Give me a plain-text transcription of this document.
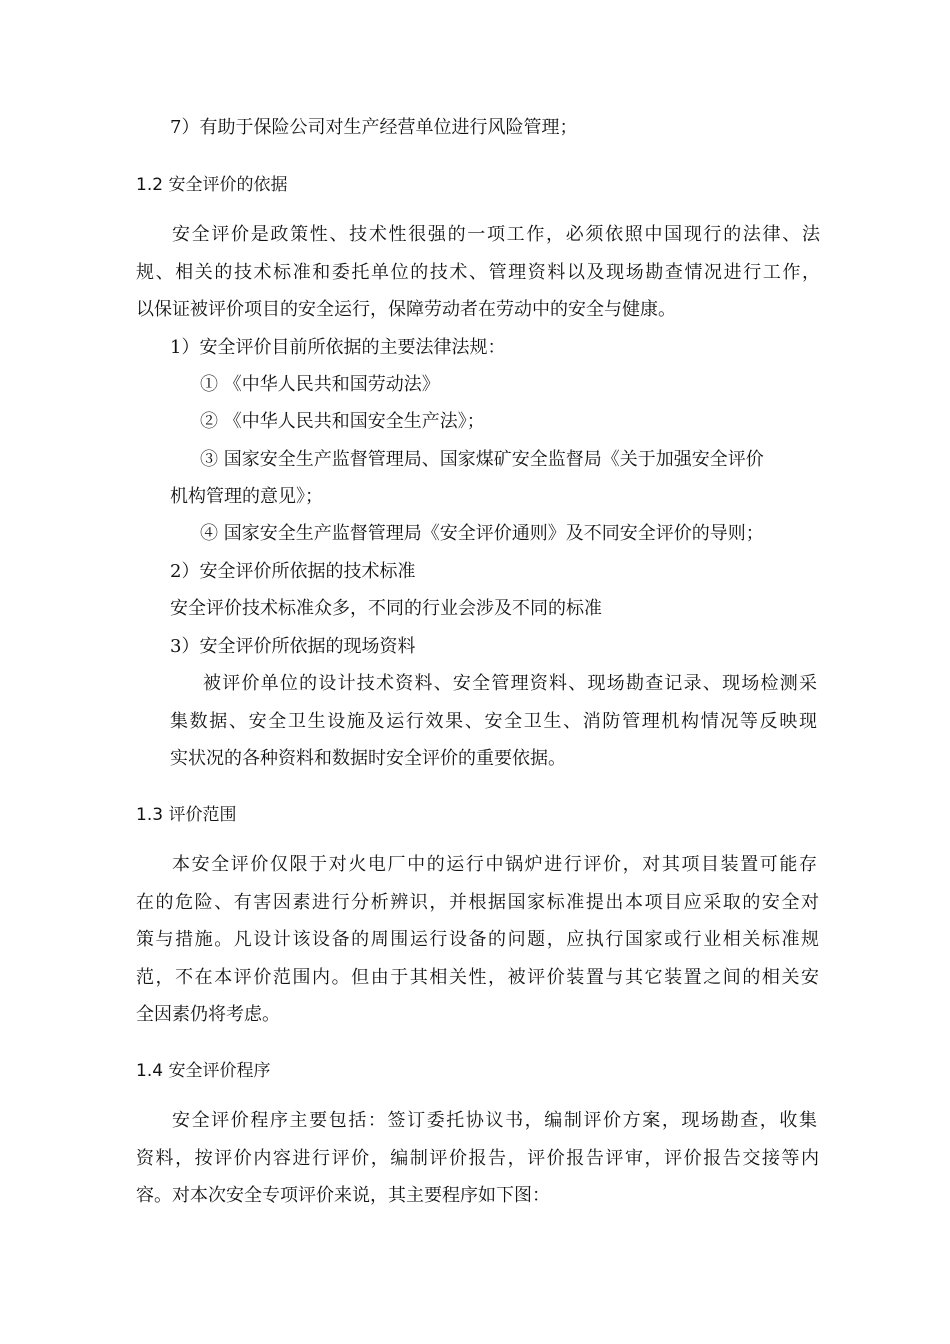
7）有助于保险公司对生产经营单位进行风险管理；

1.2 安全评价的依据

安全评价是政策性、技术性很强的一项工作，必须依照中国现行的法律、法

规、相关的技术标准和委托单位的技术、管理资料以及现场勘查情况进行工作，

以保证被评价项目的安全运行，保障劳动者在劳动中的安全与健康。

1）安全评价目前所依据的主要法律法规：

① 《中华人民共和国劳动法》

② 《中华人民共和国安全生产法》；

③ 国家安全生产监督管理局、国家煤矿安全监督局《关于加强安全评价

机构管理的意见》；

④ 国家安全生产监督管理局《安全评价通则》及不同安全评价的导则；

2）安全评价所依据的技术标准

安全评价技术标准众多，不同的行业会涉及不同的标准

3）安全评价所依据的现场资料

被评价单位的设计技术资料、安全管理资料、现场勘查记录、现场检测采

集数据、安全卫生设施及运行效果、安全卫生、消防管理机构情况等反映现

实状况的各种资料和数据时安全评价的重要依据。

1.3 评价范围

本安全评价仅限于对火电厂中的运行中锅炉进行评价，对其项目装置可能存

在的危险、有害因素进行分析辨识，并根据国家标准提出本项目应采取的安全对

策与措施。凡设计该设备的周围运行设备的问题，应执行国家或行业相关标准规

范，不在本评价范围内。但由于其相关性，被评价装置与其它装置之间的相关安

全因素仍将考虑。

1.4 安全评价程序

安全评价程序主要包括：签订委托协议书，编制评价方案，现场勘查，收集

资料，按评价内容进行评价，编制评价报告，评价报告评审，评价报告交接等内

容。对本次安全专项评价来说，其主要程序如下图：
